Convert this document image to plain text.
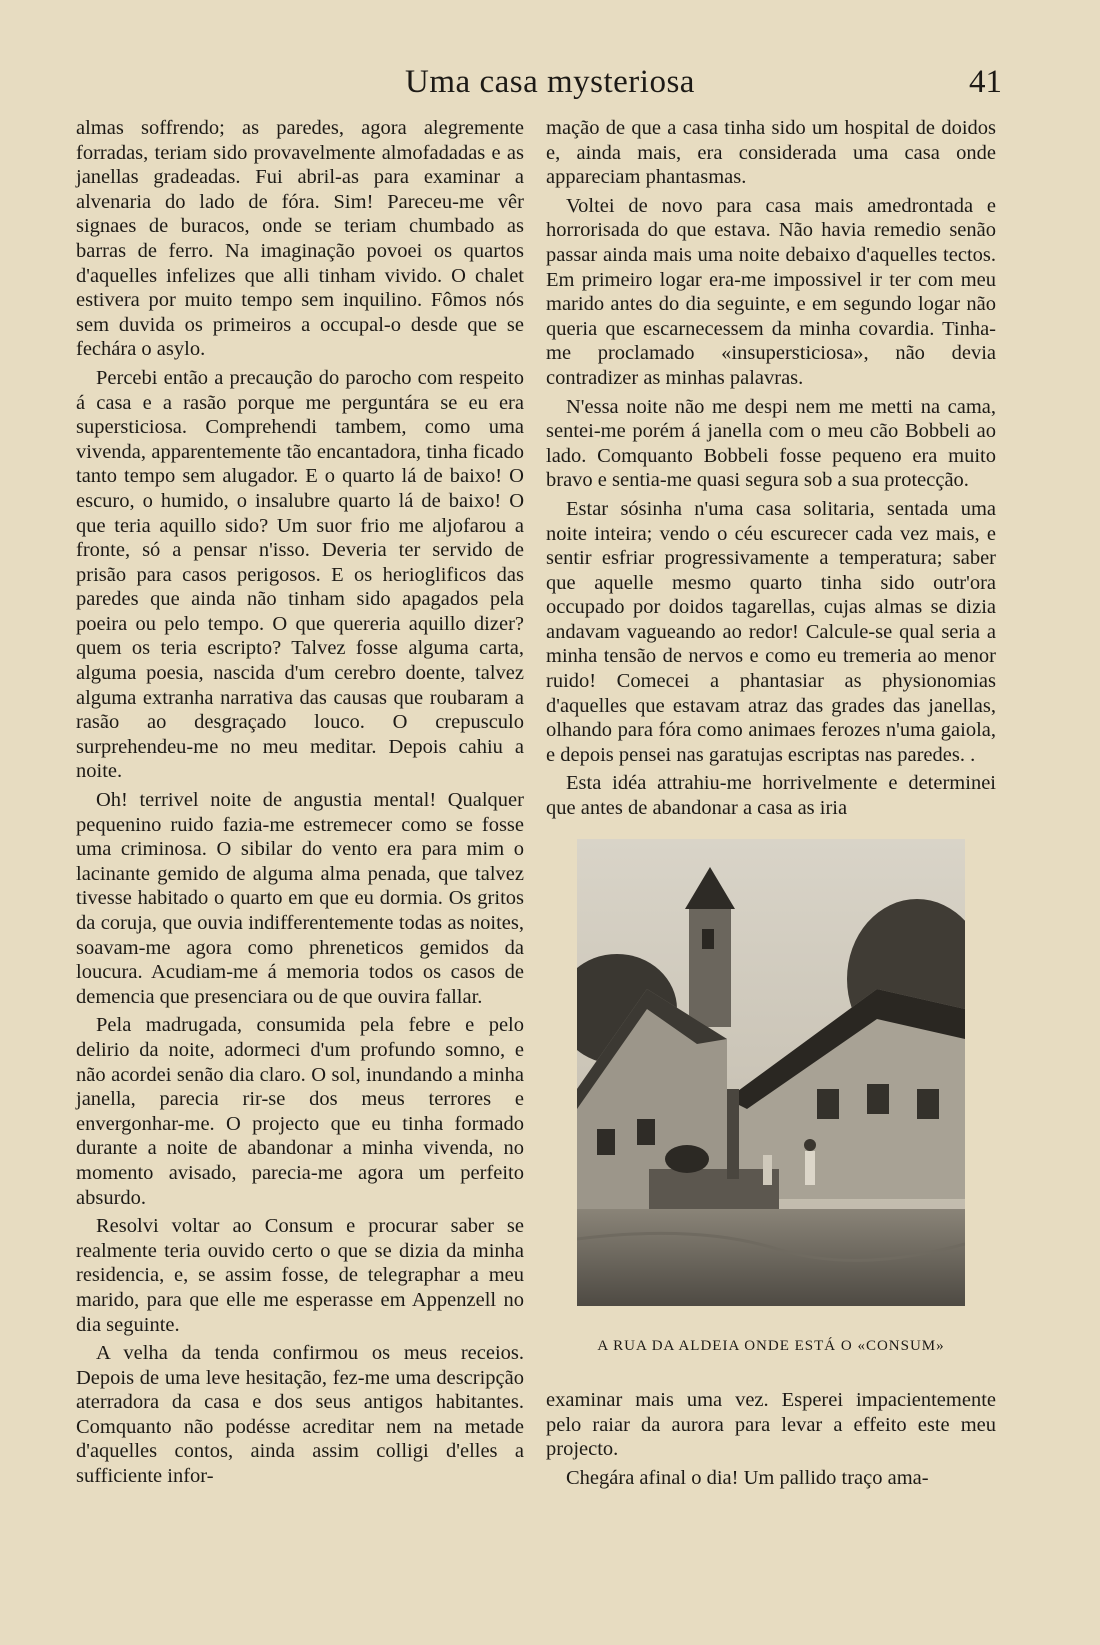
Uma casa mysteriosa	41

almas soffrendo; as paredes, agora alegremente forradas, teriam sido provavelmente almofadadas e as janellas gradeadas. Fui abril-as para examinar a alvenaria do lado de fóra. Sim! Pareceu-me vêr signaes de buracos, onde se teriam chumbado as barras de ferro. Na imaginação povoei os quartos d'aquelles infelizes que alli tinham vivido. O chalet estivera por muito tempo sem inquilino. Fômos nós sem duvida os primeiros a occupal-o desde que se fechára o asylo.

Percebi então a precaução do parocho com respeito á casa e a rasão porque me perguntára se eu era supersticiosa. Comprehendi tambem, como uma vivenda, apparentemente tão encantadora, tinha ficado tanto tempo sem alugador. E o quarto lá de baixo! O escuro, o humido, o insalubre quarto lá de baixo! O que teria aquillo sido? Um suor frio me aljofarou a fronte, só a pensar n'isso. Deveria ter servido de prisão para casos perigosos. E os herioglificos das paredes que ainda não tinham sido apagados pela poeira ou pelo tempo. O que quereria aquillo dizer? quem os teria escripto? Talvez fosse alguma carta, alguma poesia, nascida d'um cerebro doente, talvez alguma extranha narrativa das causas que roubaram a rasão ao desgraçado louco. O crepusculo surprehendeu-me no meu meditar. Depois cahiu a noite.

Oh! terrivel noite de angustia mental! Qualquer pequenino ruido fazia-me estremecer como se fosse uma criminosa. O sibilar do vento era para mim o lacinante gemido de alguma alma penada, que talvez tivesse habitado o quarto em que eu dormia. Os gritos da coruja, que ouvia indifferentemente todas as noites, soavam-me agora como phreneticos gemidos da loucura. Acudiam-me á memoria todos os casos de demencia que presenciara ou de que ouvira fallar.

Pela madrugada, consumida pela febre e pelo delirio da noite, adormeci d'um profundo somno, e não acordei senão dia claro. O sol, inundando a minha janella, parecia rir-se dos meus terrores e envergonhar-me. O projecto que eu tinha formado durante a noite de abandonar a minha vivenda, no momento avisado, parecia-me agora um perfeito absurdo.

Resolvi voltar ao Consum e procurar saber se realmente teria ouvido certo o que se dizia da minha residencia, e, se assim fosse, de telegraphar a meu marido, para que elle me esperasse em Appenzell no dia seguinte.

A velha da tenda confirmou os meus receios. Depois de uma leve hesitação, fez-me uma descripção aterradora da casa e dos seus antigos habitantes. Comquanto não podésse acreditar nem na metade d'aquelles contos, ainda assim colligi d'elles a sufficiente infor-

mação de que a casa tinha sido um hospital de doidos e, ainda mais, era considerada uma casa onde appareciam phantasmas.

Voltei de novo para casa mais amedrontada e horrorisada do que estava. Não havia remedio senão passar ainda mais uma noite debaixo d'aquelles tectos. Em primeiro logar era-me impossivel ir ter com meu marido antes do dia seguinte, e em segundo logar não queria que escarnecessem da minha covardia. Tinha-me proclamado «insupersticiosa», não devia contradizer as minhas palavras.

N'essa noite não me despi nem me metti na cama, sentei-me porém á janella com o meu cão Bobbeli ao lado. Comquanto Bobbeli fosse pequeno era muito bravo e sentia-me quasi segura sob a sua protecção.

Estar sósinha n'uma casa solitaria, sentada uma noite inteira; vendo o céu escurecer cada vez mais, e sentir esfriar progressivamente a temperatura; saber que aquelle mesmo quarto tinha sido outr'ora occupado por doidos tagarellas, cujas almas se dizia andavam vagueando ao redor! Calcule-se qual seria a minha tensão de nervos e como eu tremeria ao menor ruido! Comecei a phantasiar as physionomias d'aquelles que estavam atraz das grades das janellas, olhando para fóra como animaes ferozes n'uma gaiola, e depois pensei nas garatujas escriptas nas paredes. .

Esta idéa attrahiu-me horrivelmente e determinei que antes de abandonar a casa as iria

A RUA DA ALDEIA ONDE ESTÁ O «CONSUM»

examinar mais uma vez. Esperei impacientemente pelo raiar da aurora para levar a effeito este meu projecto.

Chegára afinal o dia! Um pallido traço ama-
